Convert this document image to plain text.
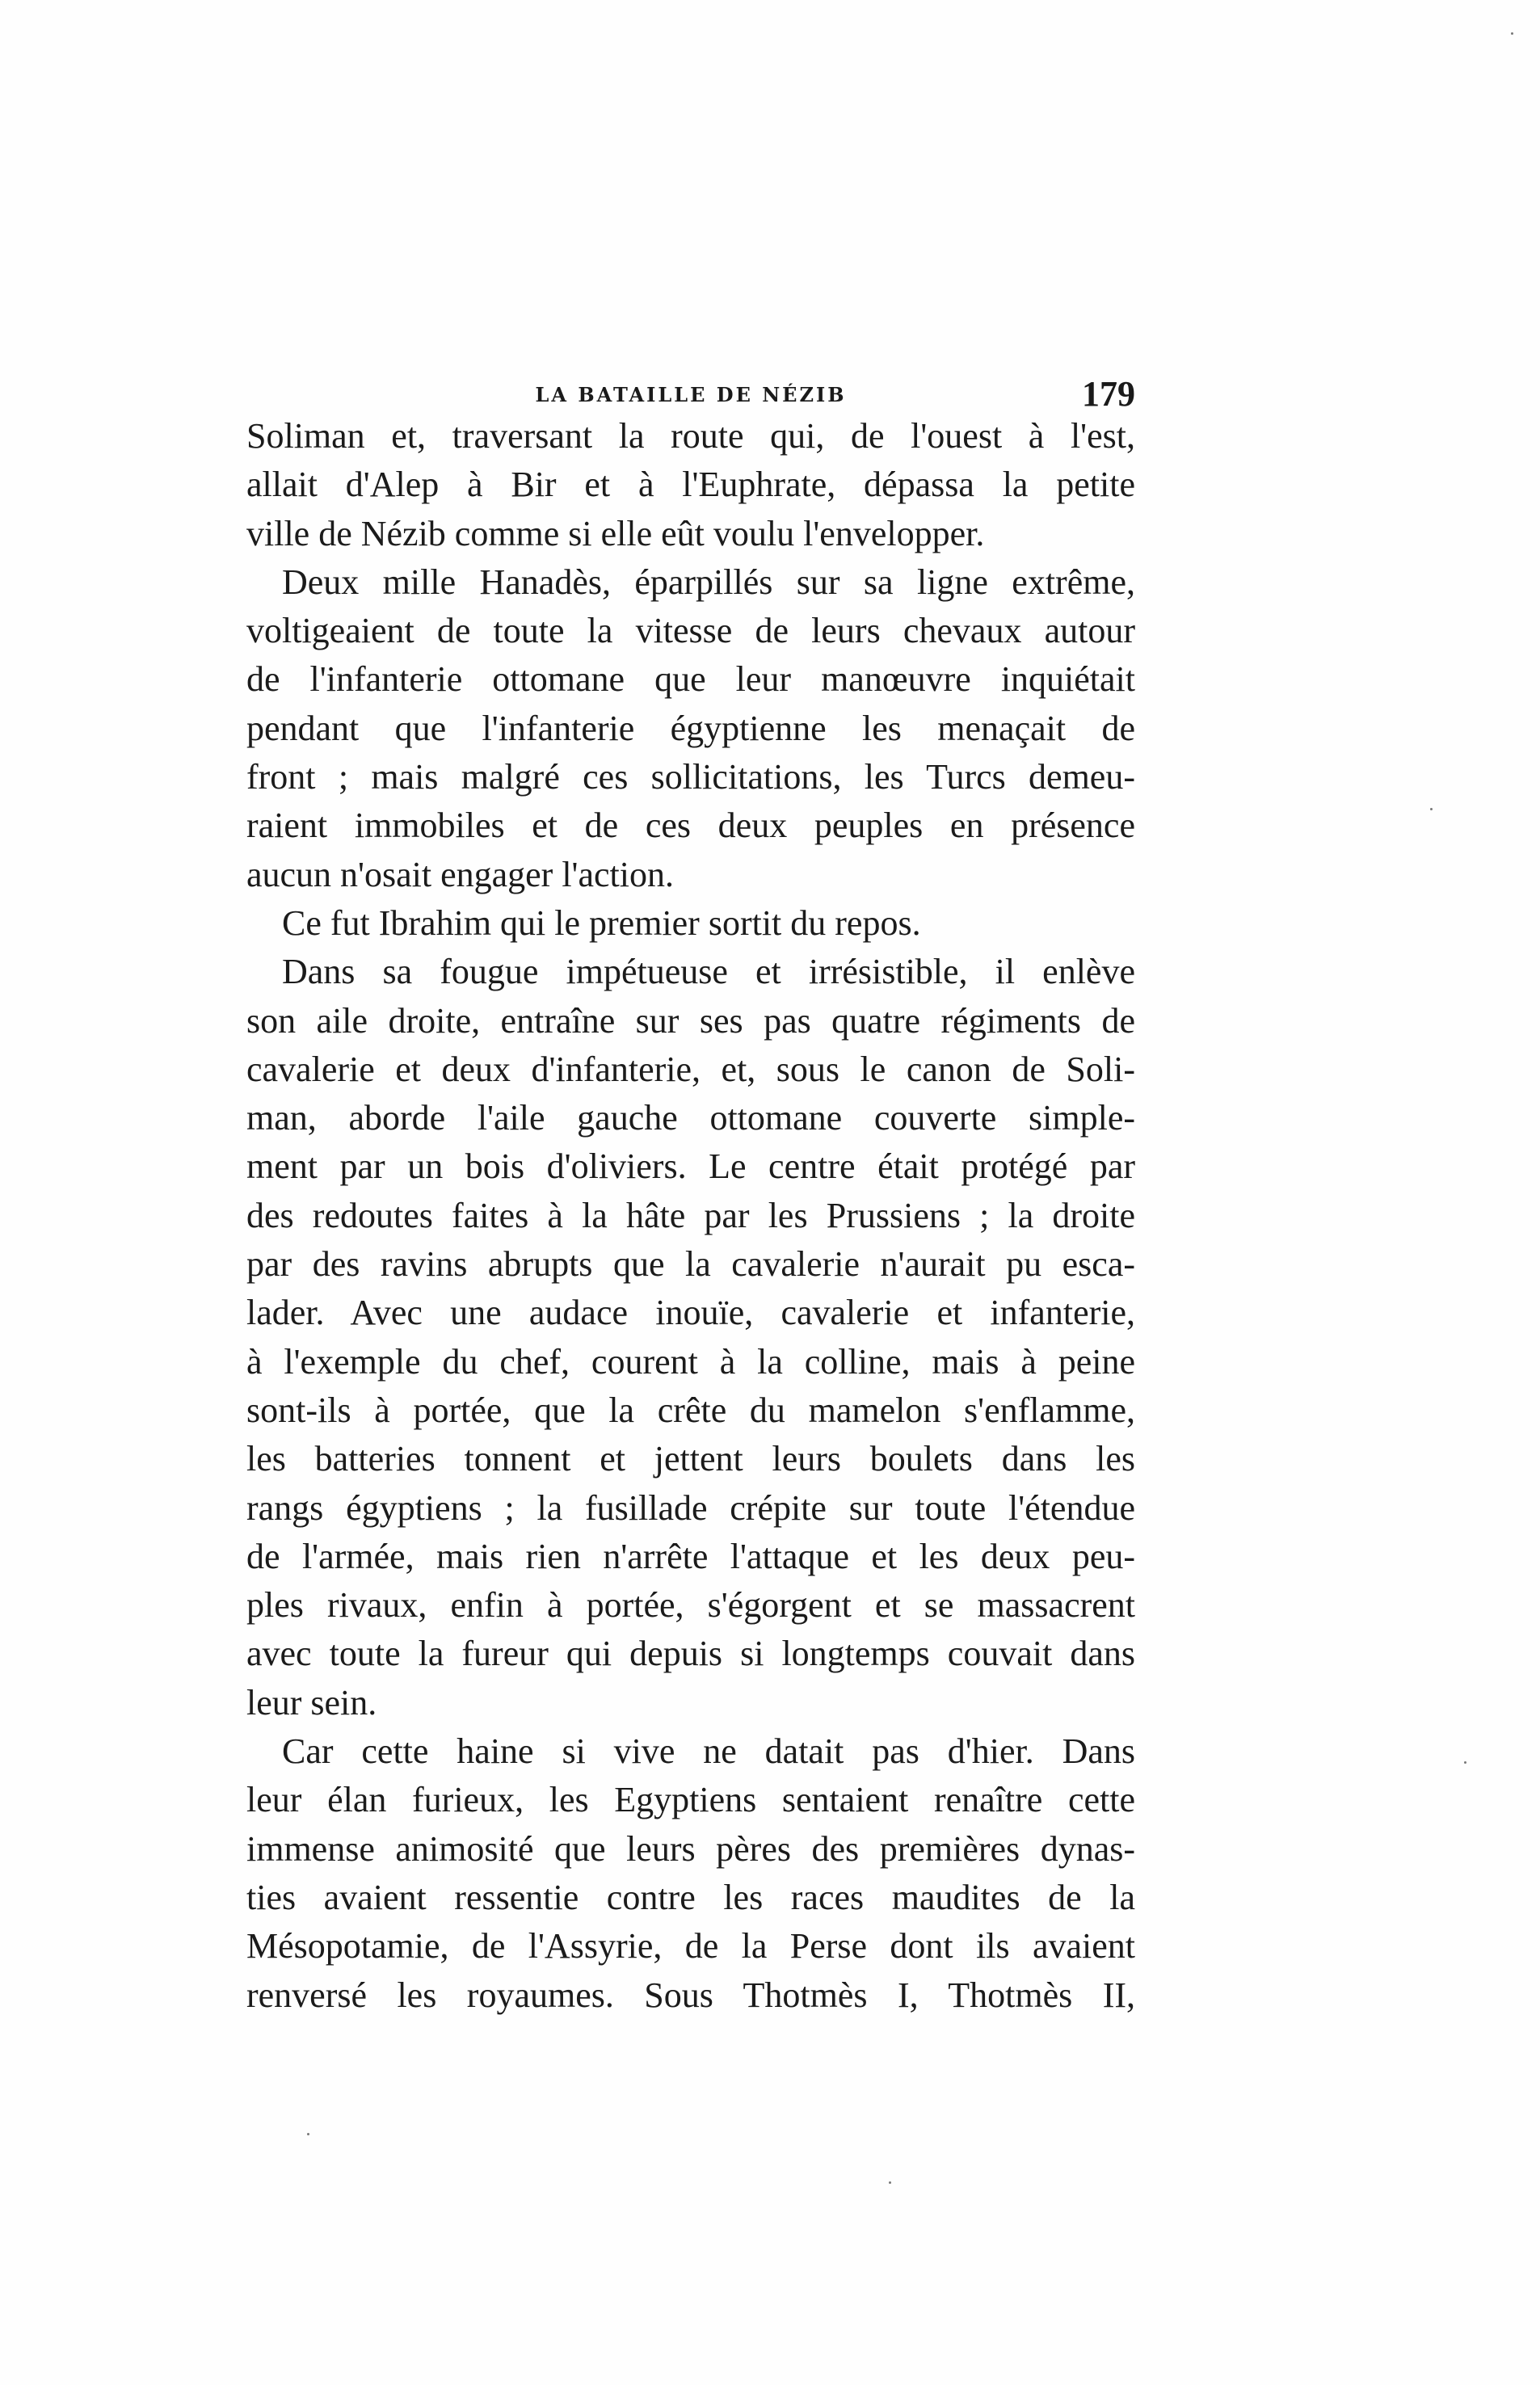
LA BATAILLE DE NÉZIB	179
Soliman et, traversant la route qui, de l'ouest à l'est,
allait d'Alep à Bir et à l'Euphrate, dépassa la petite
ville de Nézib comme si elle eût voulu l'envelopper.
Deux mille Hanadès, éparpillés sur sa ligne extrême,
voltigeaient de toute la vitesse de leurs chevaux autour
de l'infanterie ottomane que leur manœuvre inquiétait
pendant que l'infanterie égyptienne les menaçait de
front ; mais malgré ces sollicitations, les Turcs demeu-
raient immobiles et de ces deux peuples en présence
aucun n'osait engager l'action.
Ce fut Ibrahim qui le premier sortit du repos.
Dans sa fougue impétueuse et irrésistible, il enlève
son aile droite, entraîne sur ses pas quatre régiments de
cavalerie et deux d'infanterie, et, sous le canon de Soli-
man, aborde l'aile gauche ottomane couverte simple-
ment par un bois d'oliviers. Le centre était protégé par
des redoutes faites à la hâte par les Prussiens ; la droite
par des ravins abrupts que la cavalerie n'aurait pu esca-
lader. Avec une audace inouïe, cavalerie et infanterie,
à l'exemple du chef, courent à la colline, mais à peine
sont-ils à portée, que la crête du mamelon s'enflamme,
les batteries tonnent et jettent leurs boulets dans les
rangs égyptiens ; la fusillade crépite sur toute l'étendue
de l'armée, mais rien n'arrête l'attaque et les deux peu-
ples rivaux, enfin à portée, s'égorgent et se massacrent
avec toute la fureur qui depuis si longtemps couvait dans
leur sein.
Car cette haine si vive ne datait pas d'hier. Dans
leur élan furieux, les Egyptiens sentaient renaître cette
immense animosité que leurs pères des premières dynas-
ties avaient ressentie contre les races maudites de la
Mésopotamie, de l'Assyrie, de la Perse dont ils avaient
renversé les royaumes. Sous Thotmès I, Thotmès II,
